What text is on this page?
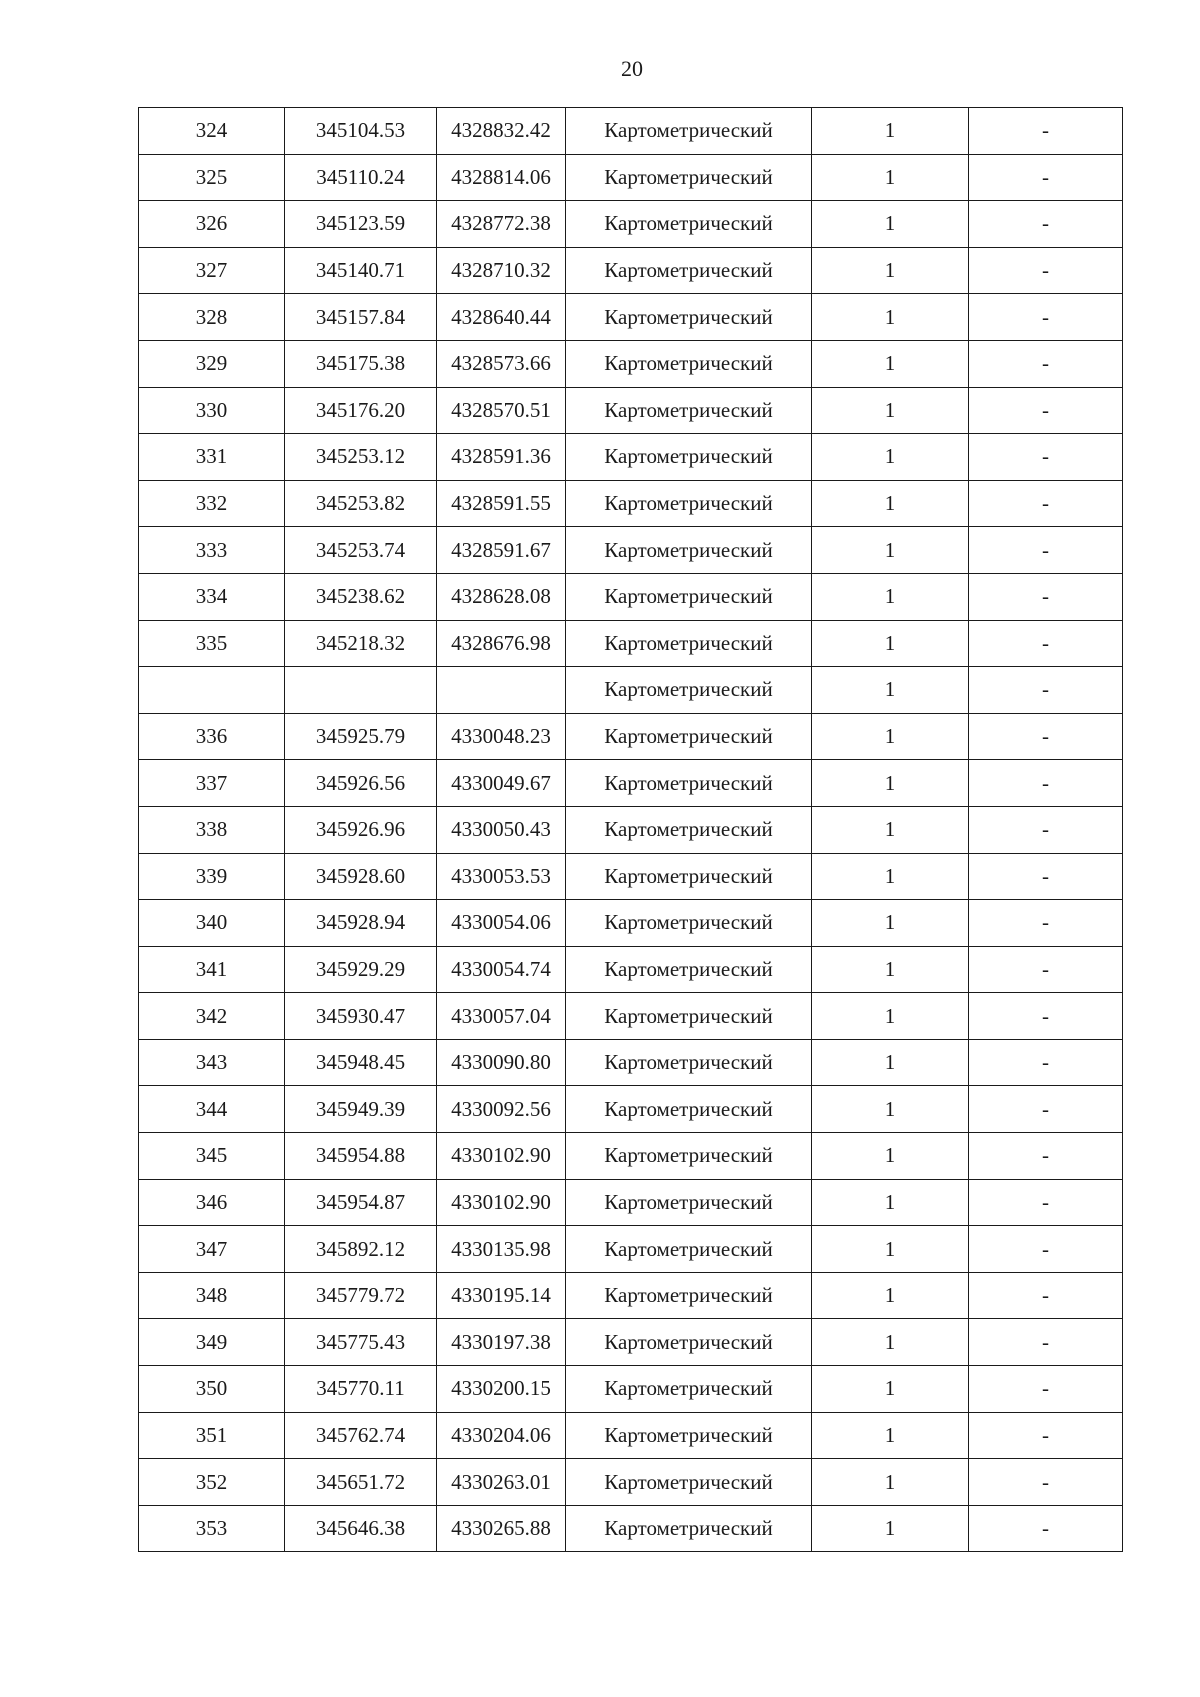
20
324	345104.53	4328832.42	Картометрический	1	-
325	345110.24	4328814.06	Картометрический	1	-
326	345123.59	4328772.38	Картометрический	1	-
327	345140.71	4328710.32	Картометрический	1	-
328	345157.84	4328640.44	Картометрический	1	-
329	345175.38	4328573.66	Картометрический	1	-
330	345176.20	4328570.51	Картометрический	1	-
331	345253.12	4328591.36	Картометрический	1	-
332	345253.82	4328591.55	Картометрический	1	-
333	345253.74	4328591.67	Картометрический	1	-
334	345238.62	4328628.08	Картометрический	1	-
335	345218.32	4328676.98	Картометрический	1	-
			Картометрический	1	-
336	345925.79	4330048.23	Картометрический	1	-
337	345926.56	4330049.67	Картометрический	1	-
338	345926.96	4330050.43	Картометрический	1	-
339	345928.60	4330053.53	Картометрический	1	-
340	345928.94	4330054.06	Картометрический	1	-
341	345929.29	4330054.74	Картометрический	1	-
342	345930.47	4330057.04	Картометрический	1	-
343	345948.45	4330090.80	Картометрический	1	-
344	345949.39	4330092.56	Картометрический	1	-
345	345954.88	4330102.90	Картометрический	1	-
346	345954.87	4330102.90	Картометрический	1	-
347	345892.12	4330135.98	Картометрический	1	-
348	345779.72	4330195.14	Картометрический	1	-
349	345775.43	4330197.38	Картометрический	1	-
350	345770.11	4330200.15	Картометрический	1	-
351	345762.74	4330204.06	Картометрический	1	-
352	345651.72	4330263.01	Картометрический	1	-
353	345646.38	4330265.88	Картометрический	1	-
